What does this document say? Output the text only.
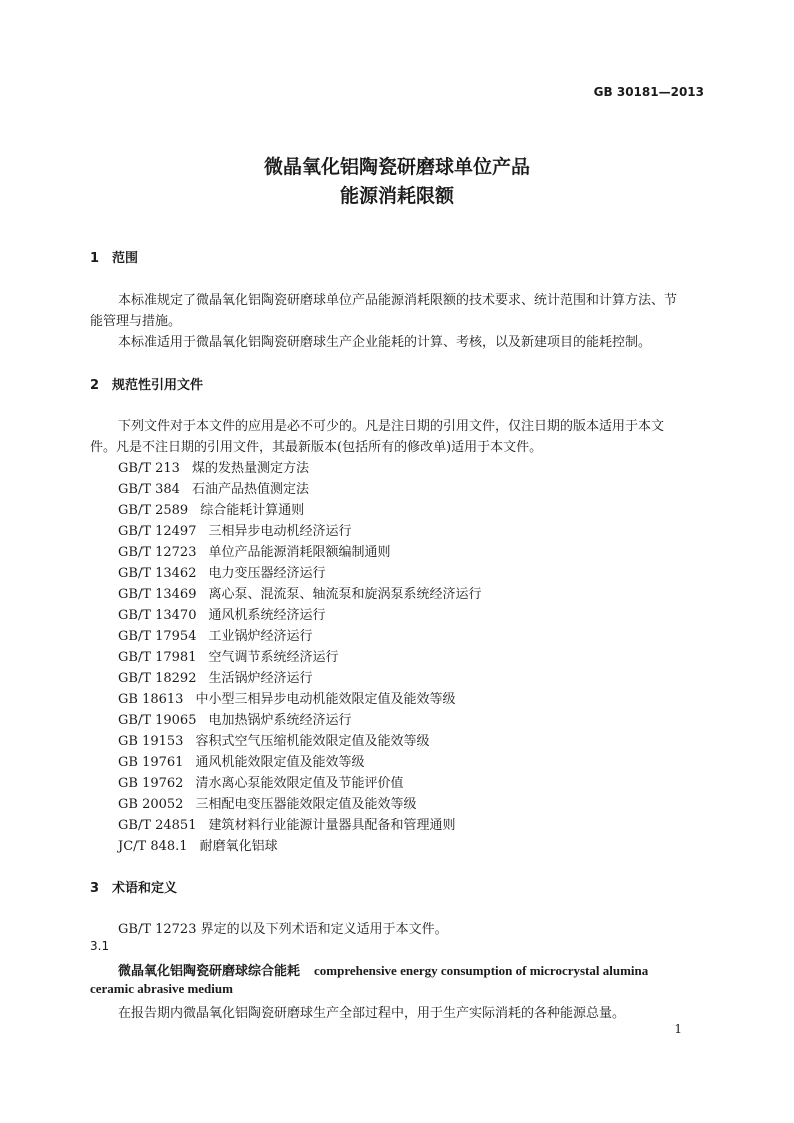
GB 30181—2013
微晶氧化铝陶瓷研磨球单位产品
能源消耗限额
1 范围
本标准规定了微晶氧化铝陶瓷研磨球单位产品能源消耗限额的技术要求、统计范围和计算方法、节
能管理与措施。
本标准适用于微晶氧化铝陶瓷研磨球生产企业能耗的计算、考核，以及新建项目的能耗控制。
2 规范性引用文件
下列文件对于本文件的应用是必不可少的。凡是注日期的引用文件，仅注日期的版本适用于本文
件。凡是不注日期的引用文件，其最新版本(包括所有的修改单)适用于本文件。
GB/T 213 煤的发热量测定方法
GB/T 384 石油产品热值测定法
GB/T 2589 综合能耗计算通则
GB/T 12497 三相异步电动机经济运行
GB/T 12723 单位产品能源消耗限额编制通则
GB/T 13462 电力变压器经济运行
GB/T 13469 离心泵、混流泵、轴流泵和旋涡泵系统经济运行
GB/T 13470 通风机系统经济运行
GB/T 17954 工业锅炉经济运行
GB/T 17981 空气调节系统经济运行
GB/T 18292 生活锅炉经济运行
GB 18613 中小型三相异步电动机能效限定值及能效等级
GB/T 19065 电加热锅炉系统经济运行
GB 19153 容积式空气压缩机能效限定值及能效等级
GB 19761 通风机能效限定值及能效等级
GB 19762 清水离心泵能效限定值及节能评价值
GB 20052 三相配电变压器能效限定值及能效等级
GB/T 24851 建筑材料行业能源计量器具配备和管理通则
JC/T 848.1 耐磨氧化铝球
3 术语和定义
GB/T 12723 界定的以及下列术语和定义适用于本文件。
3.1
微晶氧化铝陶瓷研磨球综合能耗 comprehensive energy consumption of microcrystal alumina
ceramic abrasive medium
在报告期内微晶氧化铝陶瓷研磨球生产全部过程中，用于生产实际消耗的各种能源总量。
1
